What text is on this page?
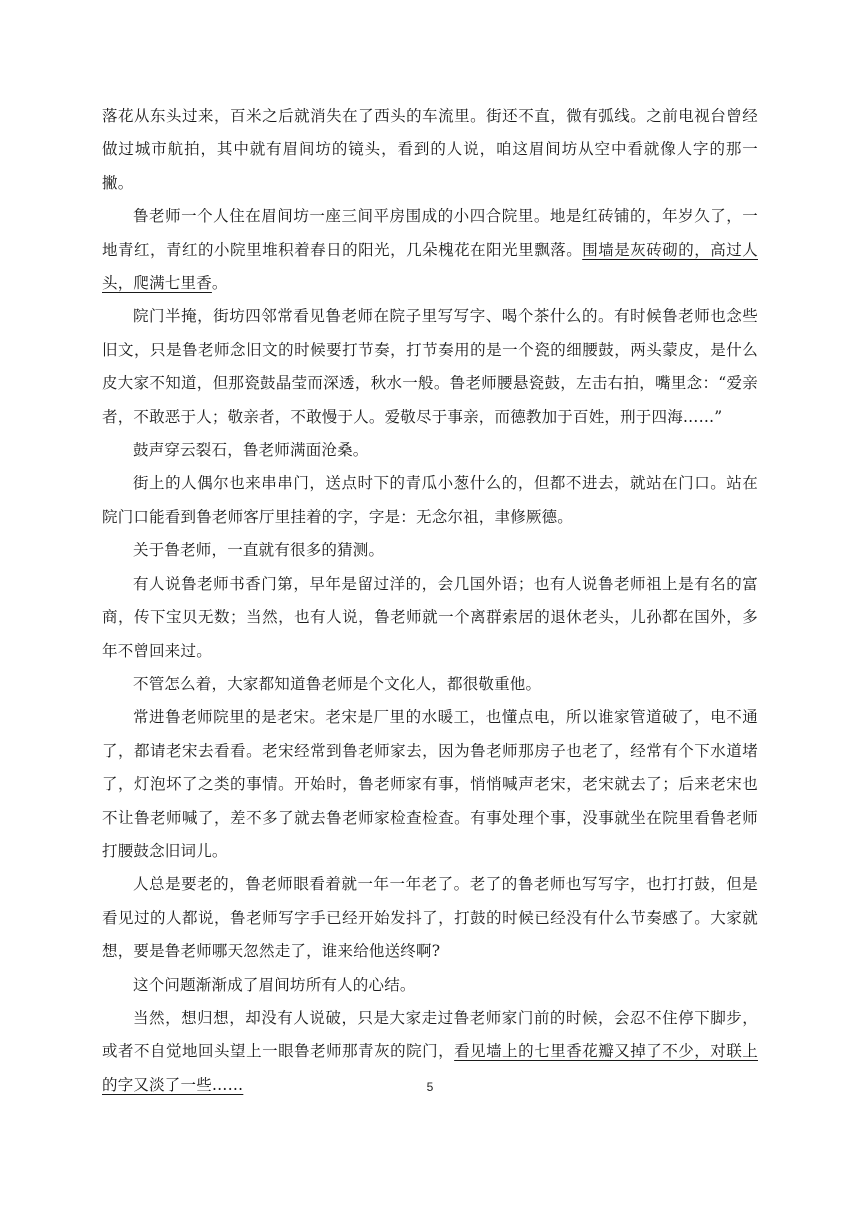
落花从东头过来，百米之后就消失在了西头的车流里。街还不直，微有弧线。之前电视台曾经做过城市航拍，其中就有眉间坊的镜头，看到的人说，咱这眉间坊从空中看就像人字的那一撇。

鲁老师一个人住在眉间坊一座三间平房围成的小四合院里。地是红砖铺的，年岁久了，一地青红，青红的小院里堆积着春日的阳光，几朵槐花在阳光里飘落。围墙是灰砖砌的，高过人头，爬满七里香。

院门半掩，街坊四邻常看见鲁老师在院子里写写字、喝个茶什么的。有时候鲁老师也念些旧文，只是鲁老师念旧文的时候要打节奏，打节奏用的是一个瓷的细腰鼓，两头蒙皮，是什么皮大家不知道，但那瓷鼓晶莹而深透，秋水一般。鲁老师腰悬瓷鼓，左击右拍，嘴里念：“爱亲者，不敢恶于人；敬亲者，不敢慢于人。爱敬尽于事亲，而德教加于百姓，刑于四海……”

鼓声穿云裂石，鲁老师满面沧桑。

街上的人偶尔也来串串门，送点时下的青瓜小葱什么的，但都不进去，就站在门口。站在院门口能看到鲁老师客厅里挂着的字，字是：无念尔祖，聿修厥德。

关于鲁老师，一直就有很多的猜测。

有人说鲁老师书香门第，早年是留过洋的，会几国外语；也有人说鲁老师祖上是有名的富商，传下宝贝无数；当然，也有人说，鲁老师就一个离群索居的退休老头，儿孙都在国外，多年不曾回来过。

不管怎么着，大家都知道鲁老师是个文化人，都很敬重他。

常进鲁老师院里的是老宋。老宋是厂里的水暖工，也懂点电，所以谁家管道破了，电不通了，都请老宋去看看。老宋经常到鲁老师家去，因为鲁老师那房子也老了，经常有个下水道堵了，灯泡坏了之类的事情。开始时，鲁老师家有事，悄悄喊声老宋，老宋就去了；后来老宋也不让鲁老师喊了，差不多了就去鲁老师家检查检查。有事处理个事，没事就坐在院里看鲁老师打腰鼓念旧词儿。

人总是要老的，鲁老师眼看着就一年一年老了。老了的鲁老师也写写字，也打打鼓，但是看见过的人都说，鲁老师写字手已经开始发抖了，打鼓的时候已经没有什么节奏感了。大家就想，要是鲁老师哪天忽然走了，谁来给他送终啊?

这个问题渐渐成了眉间坊所有人的心结。

当然，想归想，却没有人说破，只是大家走过鲁老师家门前的时候，会忍不住停下脚步，或者不自觉地回头望上一眼鲁老师那青灰的院门，看见墙上的七里香花瓣又掉了不少，对联上的字又淡了一些……	5
